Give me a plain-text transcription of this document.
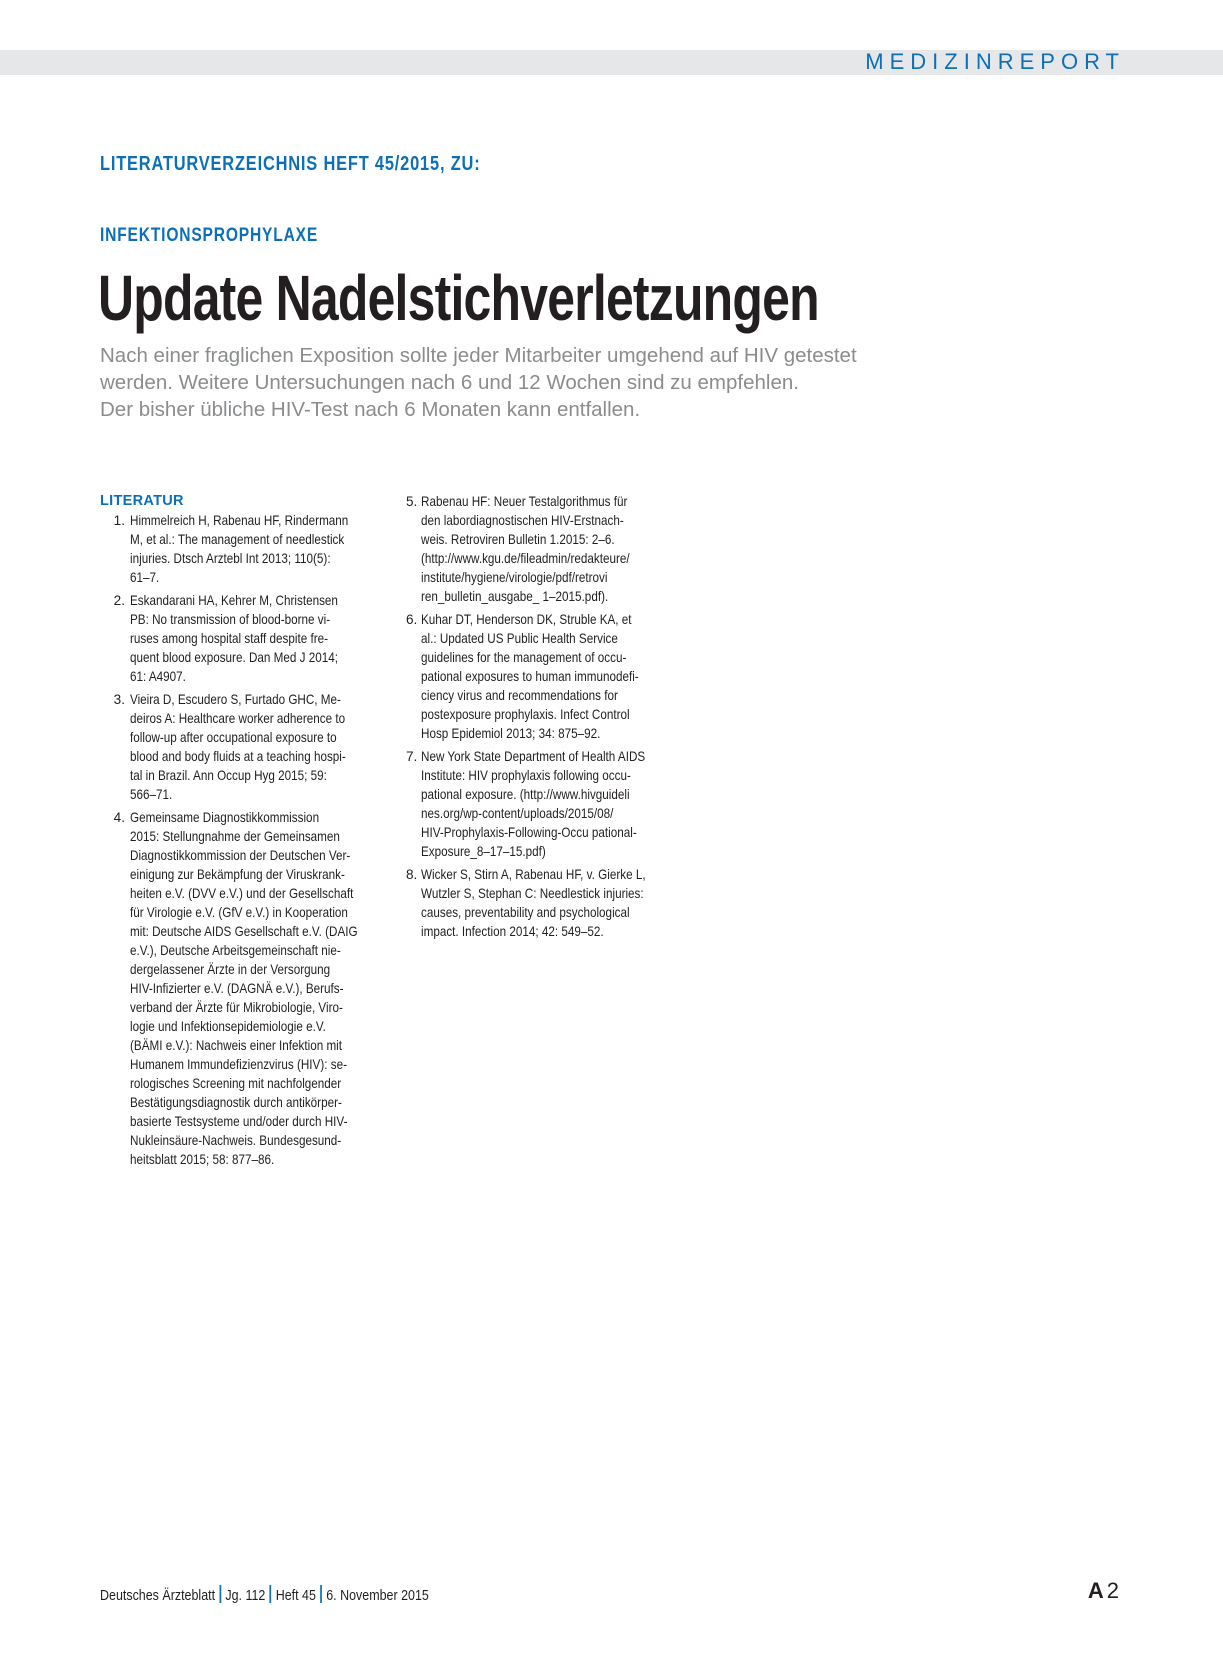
MEDIZINREPORT
LITERATURVERZEICHNIS HEFT 45/2015, ZU:
INFEKTIONSPROPHYLAXE
Update Nadelstichverletzungen
Nach einer fraglichen Exposition sollte jeder Mitarbeiter umgehend auf HIV getestet
werden. Weitere Untersuchungen nach 6 und 12 Wochen sind zu empfehlen.
Der bisher übliche HIV-Test nach 6 Monaten kann entfallen.
LITERATUR
1. Himmelreich H, Rabenau HF, Rindermann
M, et al.: The management of needlestick
injuries. Dtsch Arztebl Int 2013; 110(5):
61–7.
2. Eskandarani HA, Kehrer M, Christensen
PB: No transmission of blood-borne vi-
ruses among hospital staff despite fre-
quent blood exposure. Dan Med J 2014;
61: A4907.
3. Vieira D, Escudero S, Furtado GHC, Me-
deiros A: Healthcare worker adherence to
follow-up after occupational exposure to
blood and body fluids at a teaching hospi-
tal in Brazil. Ann Occup Hyg 2015; 59:
566–71.
4. Gemeinsame Diagnostikkommission
2015: Stellungnahme der Gemeinsamen
Diagnostikkommission der Deutschen Ver-
einigung zur Bekämpfung der Viruskrank-
heiten e.V. (DVV e.V.) und der Gesellschaft
für Virologie e.V. (GfV e.V.) in Kooperation
mit: Deutsche AIDS Gesellschaft e.V. (DAIG
e.V.), Deutsche Arbeitsgemeinschaft nie-
dergelassener Ärzte in der Versorgung
HIV-Infizierter e.V. (DAGNÄ e.V.), Berufs-
verband der Ärzte für Mikrobiologie, Viro-
logie und Infektionsepidemiologie e.V.
(BÄMI e.V.): Nachweis einer Infektion mit
Humanem Immundefizienzvirus (HIV): se-
rologisches Screening mit nachfolgender
Bestätigungsdiagnostik durch antikörper-
basierte Testsysteme und/oder durch HIV-
Nukleinsäure-Nachweis. Bundesgesund-
heitsblatt 2015; 58: 877–86.
5. Rabenau HF: Neuer Testalgorithmus für
den labordiagnostischen HIV-Erstnach-
weis. Retroviren Bulletin 1.2015: 2–6.
(http://www.kgu.de/fileadmin/redakteure/
institute/hygiene/virologie/pdf/retrovi
ren_bulletin_ausgabe_ 1–2015.pdf).
6. Kuhar DT, Henderson DK, Struble KA, et
al.: Updated US Public Health Service
guidelines for the management of occu-
pational exposures to human immunodefi-
ciency virus and recommendations for
postexposure prophylaxis. Infect Control
Hosp Epidemiol 2013; 34: 875–92.
7. New York State Department of Health AIDS
Institute: HIV prophylaxis following occu-
pational exposure. (http://www.hivguideli
nes.org/wp-content/uploads/2015/08/
HIV-Prophylaxis-Following-Occu pational-
Exposure_8–17–15.pdf)
8. Wicker S, Stirn A, Rabenau HF, v. Gierke L,
Wutzler S, Stephan C: Needlestick injuries:
causes, preventability and psychological
impact. Infection 2014; 42: 549–52.
Deutsches Ärzteblatt Jg. 112 Heft 45 6. November 2015	A 2
